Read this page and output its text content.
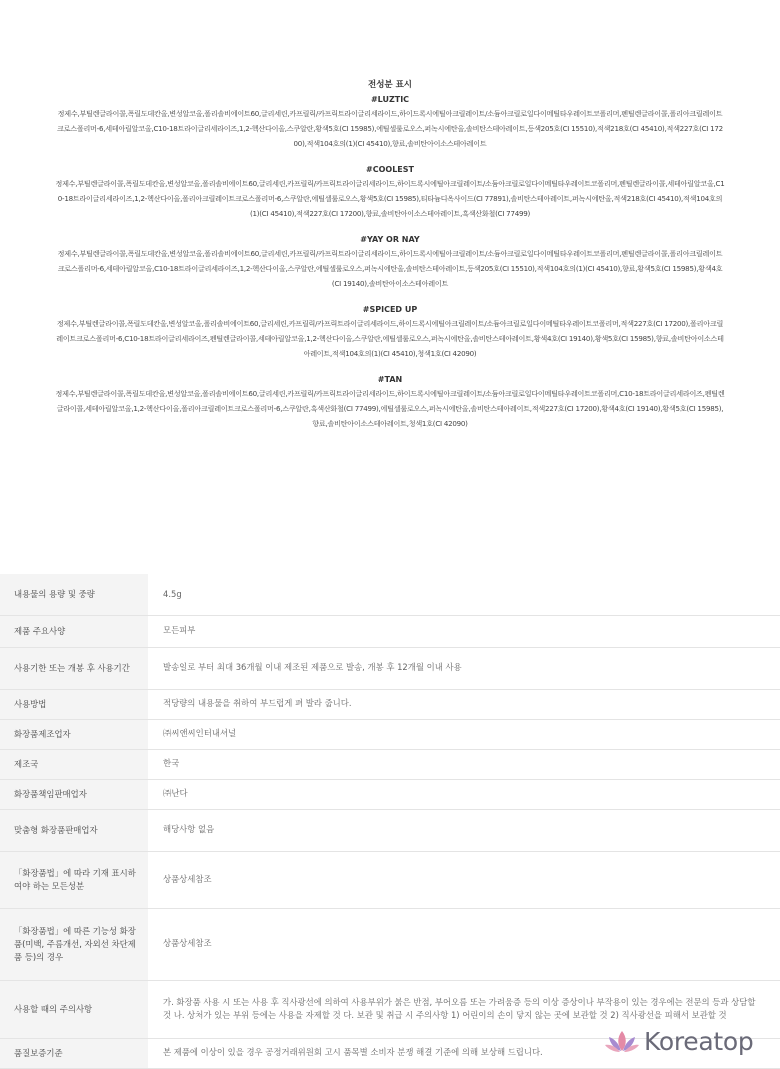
전성분 표시
#LUZTIC
정제수,부틸렌글라이콜,폭릴도데칸올,변성알코올,폴리솔비에이트60,글리세린,카프릴릭/카프릭트라이글리세라이드,하이드록시에틸아크릴레이트/소듐아크릴로일다이메틸타우레이트코폴리머,펜틸렌글라이콜,폴리아크릴레이트크로스폴리머-6,세테아릴알코올,C10-18트라이글리세라이즈,1,2-헥산다이올,스쿠알란,황색5호(CI 15985),에틸셀룰로오스,퍼녹시에탄올,솔비탄스테아레이트,등색205호(CI 15510),적색218호(CI 45410),적색227호(CI 17200),적색104호의(1)(CI 45410),향료,솔비탄아이소스테아레이트
#COOLEST
정제수,부틸렌글라이콜,폭릴도데칸올,변성알코올,폴리솔비에이트60,글리세린,카프릴릭/카프릭트라이글리세라이드,하이드록시에틸아크릴레이트/소듐아크릴로일다이메틸타우레이트코폴리머,펜틸렌글라이콜,세테아릴알코올,C10-18트라이글리세라이즈,1,2-헥산다이올,폴리아크릴레이트크로스폴리머-6,스쿠알란,에틸셀룰로오스,황색5호(CI 15985),티타늄디옥사이드(CI 77891),솔비탄스테아레이트,퍼녹시에탄올,적색218호(CI 45410),적색104호의(1)(CI 45410),적색227호(CI 17200),향료,솔비탄아이소스테아레이트,흑색산화철(CI 77499)
#YAY OR NAY
정제수,부틸렌글라이콜,폭릴도데칸올,변성알코올,폴리솔비에이트60,글리세린,카프릴릭/카프릭트라이글리세라이드,하이드록시에틸아크릴레이트/소듐아크릴로일다이메틸타우레이트코폴리머,펜틸렌글라이콜,폴리아크릴레이트크로스폴리머-6,세테아릴알코올,C10-18트라이글리세라이즈,1,2-헥산다이올,스쿠알란,에틸셀룰로오스,퍼녹시에탄올,솔비탄스테아레이트,등색205호(CI 15510),적색104호의(1)(CI 45410),향료,황색5호(CI 15985),황색4호(CI 19140),솔비탄아이소스테아레이트
#SPICED UP
정제수,부틸렌글라이콜,폭릴도데칸올,변성알코올,폴리솔비에이트60,글리세린,카프릴릭/카프릭트라이글리세라이드,하이드록시에틸아크릴레이트/소듐아크릴로일다이메틸타우레이트코폴리머,적색227호(CI 17200),폴리아크릴레이트크로스폴리머-6,C10-18트라이글리세라이즈,펜틸렌글라이콜,세테아릴알코올,1,2-헥산다이올,스쿠알란,에틸셀룰로오스,퍼녹시에탄올,솔비탄스테아레이트,황색4호(CI 19140),황색5호(CI 15985),향료,솔비탄아이소스테아레이트,적색104호의(1)(CI 45410),청색1호(CI 42090)
#TAN
정제수,부틸렌글라이콜,폭릴도데칸올,변성알코올,폴리솔비에이트60,글리세린,카프릴릭/카프릭트라이글리세라이드,하이드록시에틸아크릴레이트/소듐아크릴로일다이메틸타우레이트코폴리머,C10-18트라이글리세라이즈,펜틸렌글라이콜,세테아릴알코올,1,2-헥산다이올,폴리아크릴레이트크로스폴리머-6,스쿠알란,흑색산화철(CI 77499),에틸셀룰로오스,퍼녹시에탄올,솔비탄스테아레이트,적색227호(CI 17200),황색4호(CI 19140),황색5호(CI 15985),향료,솔비탄아이소스테아레이트,청색1호(CI 42090)
내용물의 용량 및 중량	4.5g
제품 주요사양	모든피부
사용기한 또는 개봉 후 사용기간	발송일로 부터 최대 36개월 이내 제조된 제품으로 발송, 개봉 후 12개월 이내 사용
사용방법	적당량의 내용물을 취하여 부드럽게 펴 발라 줍니다.
화장품제조업자	㈜씨앤씨인터내셔널
제조국	한국
화장품책임판매업자	㈜난다
맞춤형 화장품판매업자	해당사항 없음
「화장품법」에 따라 기재 표시하여야 하는 모든성분	상품상세참조
「화장품법」에 따른 기능성 화장품(미백, 주름개선, 자외선 차단제품 등)의 경우	상품상세참조
사용할 때의 주의사항	가. 화장품 사용 시 또는 사용 후 직사광선에 의하여 사용부위가 붉은 반점, 부어오름 또는 가려움증 등의 이상 증상이나 부작용이 있는 경우에는 전문의 등과 상담할 것 나. 상처가 있는 부위 등에는 사용을 자제할 것 다. 보관 및 취급 시 주의사항 1) 어린이의 손이 닿지 않는 곳에 보관할 것 2) 직사광선을 피해서 보관할 것
품질보증기준	본 제품에 이상이 있을 경우 공정거래위원회 고시 품목별 소비자 분쟁 해결 기준에 의해 보상해 드립니다.	Koreatop
